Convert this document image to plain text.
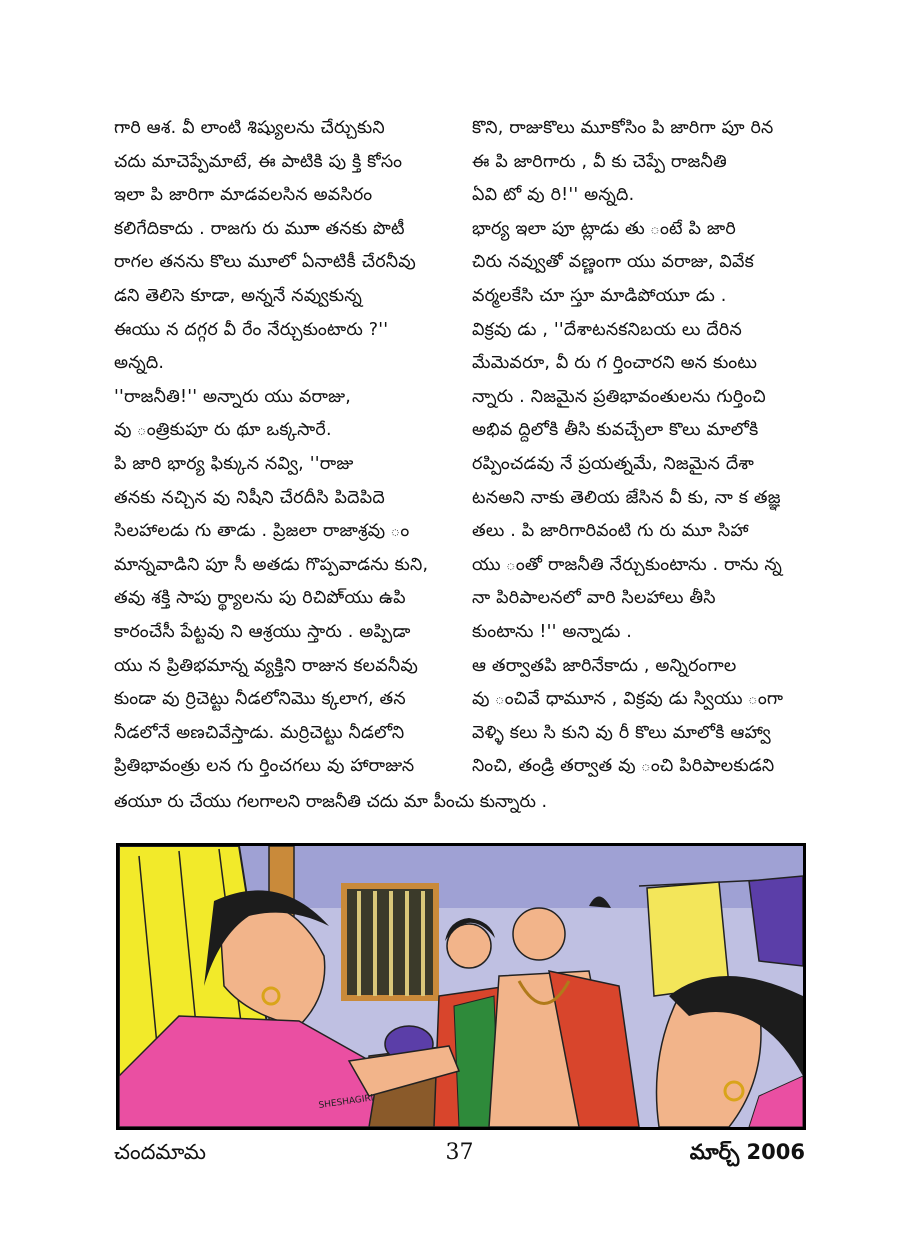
గారి ఆశ. వీ లాంటి శిష్యులను చేర్చుకుని

చదు మాచెప్పేమాటే, ఈ పాటికి పు క్తి కోసం

ఇలా పి జారిగా మాడవలసిన అవసిరం

కలిగేదికాదు . రాజగు రు మూా తనకు పొటీ

రాగల తనను కొలు మూలో ఏనాటికీ చేరనీవు

డని తెలిసె కూడా, అన్ననే నవ్వుకున్న

ఈయు న దగ్గర వీ రేం నేర్చుకుంటారు ?''

అన్నది.

''రాజనీతి!'' అన్నారు యు వరాజు,

వు ంత్రికుపూ రు థూ ఒక్కసారే.

పి జారి భార్య ఫిక్కున నవ్వి, ''రాజు

తనకు నచ్చిన వు నిషీని చేరదీసి పిదెపిదె

సిలహాలడు గు తాడు . ప్రిజలా రాజాశ్రవు ం

మాన్నవాడిని పూ సీ అతడు గొప్పవాడను కుని,

తవు శక్తి సాపు ర్థ్యాలను పు రిచిపొ్యు ఉపి

కారంచేసీ పేట్టవు ని ఆశ్రయు స్తారు . అప్పిడా

యు న ప్రితిభమాన్న వ్యక్తిని రాజున కలవనీవు

కుండా వు ర్రిచెట్టు నీడలోనిమొ క్కలాగ, తన

నీడలోనే అణచివేస్తాడు. మర్రిచెట్టు నీడలోని

ప్రితిభావంత్రు లన గు ర్తించగలు వు హారాజున

కొని, రాజుకొలు మూకోసిం పి జారిగా పూ రిన

ఈ పి జారిగారు , వీ కు చెప్పే రాజనీతి

ఏవి టో వు రి!'' అన్నది.

భార్య ఇలా పూ ట్లాడు తు ంటే పి జారి

చిరు నవ్వుతో వణ్ణంగా యు వరాజు, వివేక

వర్మలకేసి చూ స్తూ మాడిపోయూ డు .

విక్రవు డు , ''దేశాటనకనిబయ లు దేరిన

మేమెవరూ, వీ రు గ ర్తించారని అన కుంటు

న్నారు . నిజమైన ప్రతిభావంతులను గుర్తించి

అభివ ద్దిలోకి తీసి కువచ్చేలా కొలు మాలోకి

రప్పించడవు నే ప్రయత్నమే, నిజమైన దేశా

టనఅని నాకు తెలియ జేసిన వీ కు, నా క తజ్ఞ

తలు . పి జారిగారివంటి గు రు మూ సిహా

యు ంతో రాజనీతి నేర్చుకుంటాను . రాను న్న

నా పిరిపాలనలో వారి సిలహాలు తీసి

కుంటాను !'' అన్నాడు .

ఆ తర్వాతపి జారినేకాదు , అన్నిరంగాల

వు ంచివే ధామూన , విక్రవు డు స్వియు ంగా

వెళ్ళి కలు సి కుని వు రీ కొలు మాలోకి ఆహ్వా

నించి, తండ్రి తర్వాత వు ంచి పిరిపాలకుడని

తయూ రు చేయు గలగాలని రాజనీతి చదు మా పీంచు కున్నారు .
SHESHAGIRI
చందమామ	37	మార్చ్ 2006
